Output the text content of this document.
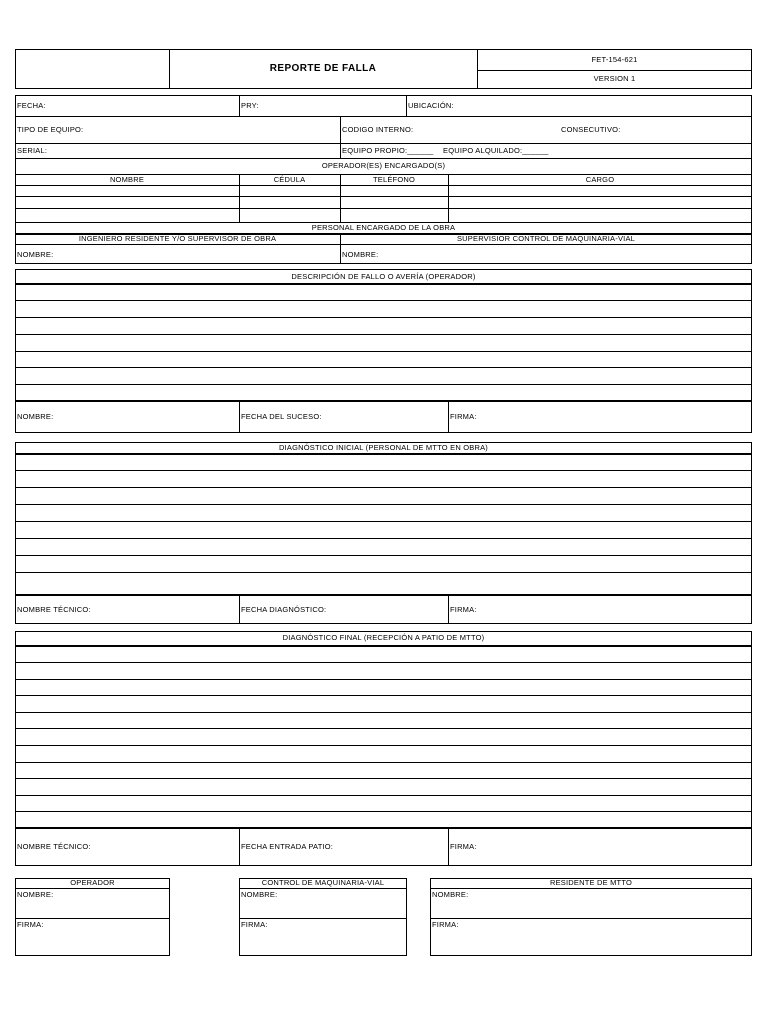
REPORTE DE FALLA
FET-154-621
VERSION 1
FECHA:	PRY:	UBICACIÓN:
TIPO DE EQUIPO:	CODIGO INTERNO:	CONSECUTIVO:
SERIAL:	EQUIPO PROPIO:______ EQUIPO ALQUILADO:______
OPERADOR(ES) ENCARGADO(S)
NOMBRE	CÉDULA	TELÉFONO	CARGO
PERSONAL ENCARGADO DE LA OBRA
INGENIERO RESIDENTE Y/O SUPERVISOR DE OBRA	SUPERVISIOR CONTROL DE MAQUINARIA-VIAL
NOMBRE:	NOMBRE:
DESCRIPCIÓN DE FALLO O AVERÍA (OPERADOR)
NOMBRE:	FECHA DEL SUCESO:	FIRMA:
DIAGNÓSTICO INICIAL (PERSONAL DE MTTO EN OBRA)
NOMBRE TÉCNICO:	FECHA DIAGNÓSTICO:	FIRMA:
DIAGNÓSTICO FINAL (RECEPCIÓN A PATIO DE MTTO)
NOMBRE TÉCNICO:	FECHA ENTRADA PATIO:	FIRMA:
OPERADOR
NOMBRE:
FIRMA:
CONTROL DE MAQUINARIA-VIAL
NOMBRE:
FIRMA:
RESIDENTE DE MTTO
NOMBRE:
FIRMA:
